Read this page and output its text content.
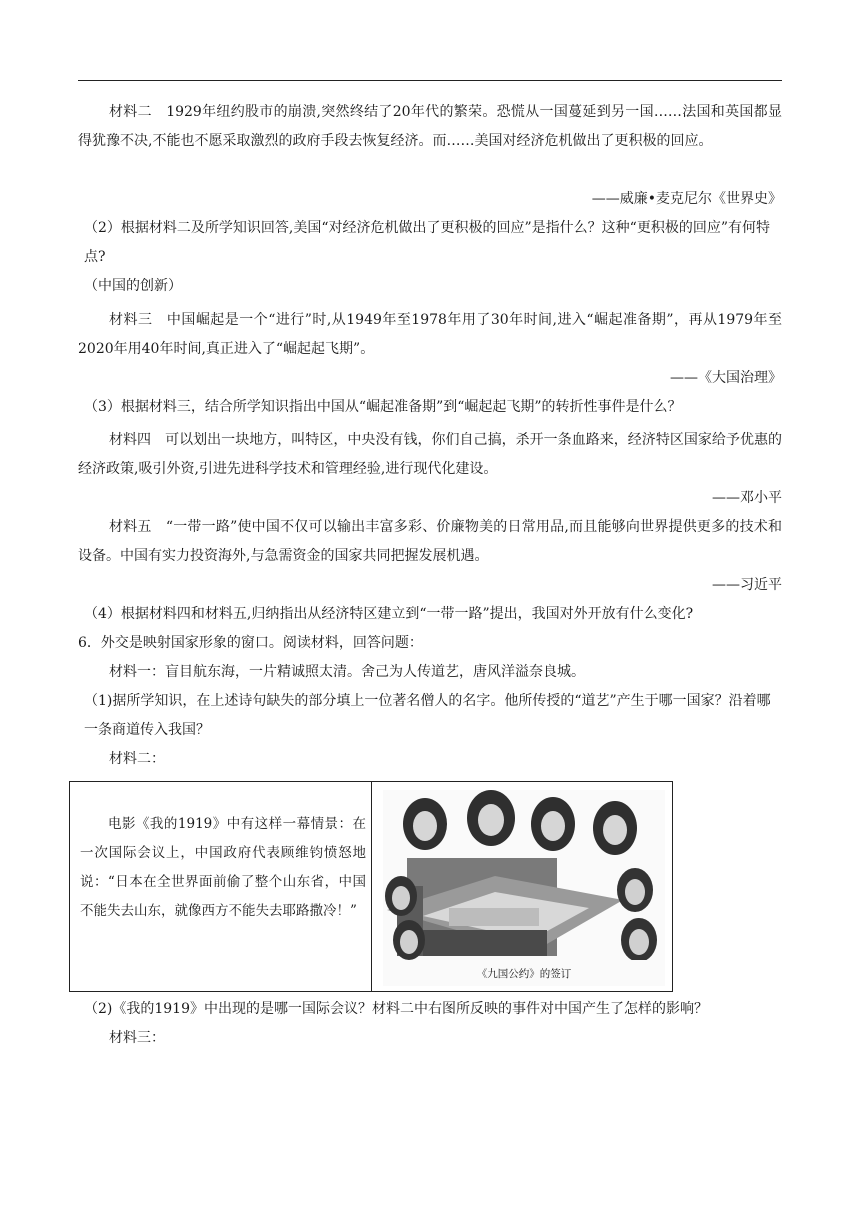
材料二　1929年纽约股市的崩溃,突然终结了20年代的繁荣。恐慌从一国蔓延到另一国……法国和英国都显得犹豫不决,不能也不愿采取激烈的政府手段去恢复经济。而……美国对经济危机做出了更积极的回应。

——威廉•麦克尼尔《世界史》

（2）根据材料二及所学知识回答,美国“对经济危机做出了更积极的回应”是指什么？这种“更积极的回应”有何特点?

（中国的创新）

材料三　中国崛起是一个“进行”时,从1949年至1978年用了30年时间,进入“崛起准备期”，再从1979年至2020年用40年时间,真正进入了“崛起起飞期”。

——《大国治理》

（3）根据材料三，结合所学知识指出中国从“崛起准备期”到“崛起起飞期”的转折性事件是什么？

材料四　可以划出一块地方，叫特区，中央没有钱，你们自己搞，杀开一条血路来，经济特区国家给予优惠的经济政策,吸引外资,引进先进科学技术和管理经验,进行现代化建设。

——邓小平

材料五　“一带一路”使中国不仅可以输出丰富多彩、价廉物美的日常用品,而且能够向世界提供更多的技术和设备。中国有实力投资海外,与急需资金的国家共同把握发展机遇。

——习近平

（4）根据材料四和材料五,归纳指出从经济特区建立到“一带一路”提出，我国对外开放有什么变化?

6．外交是映射国家形象的窗口。阅读材料，回答问题：

材料一：盲目航东海，一片精诚照太清。舍己为人传道艺，唐风洋溢奈良城。

（1)据所学知识，在上述诗句缺失的部分填上一位著名僧人的名字。他所传授的“道艺”产生于哪一国家？沿着哪一条商道传入我国？

材料二：

电影《我的1919》中有这样一幕情景：在一次国际会议上，中国政府代表顾维钧愤怒地说：“日本在全世界面前偷了整个山东省，中国不能失去山东，就像西方不能失去耶路撒冷！”
《九国公约》的签订

（2)《我的1919》中出现的是哪一国际会议？材料二中右图所反映的事件对中国产生了怎样的影响？

材料三：
